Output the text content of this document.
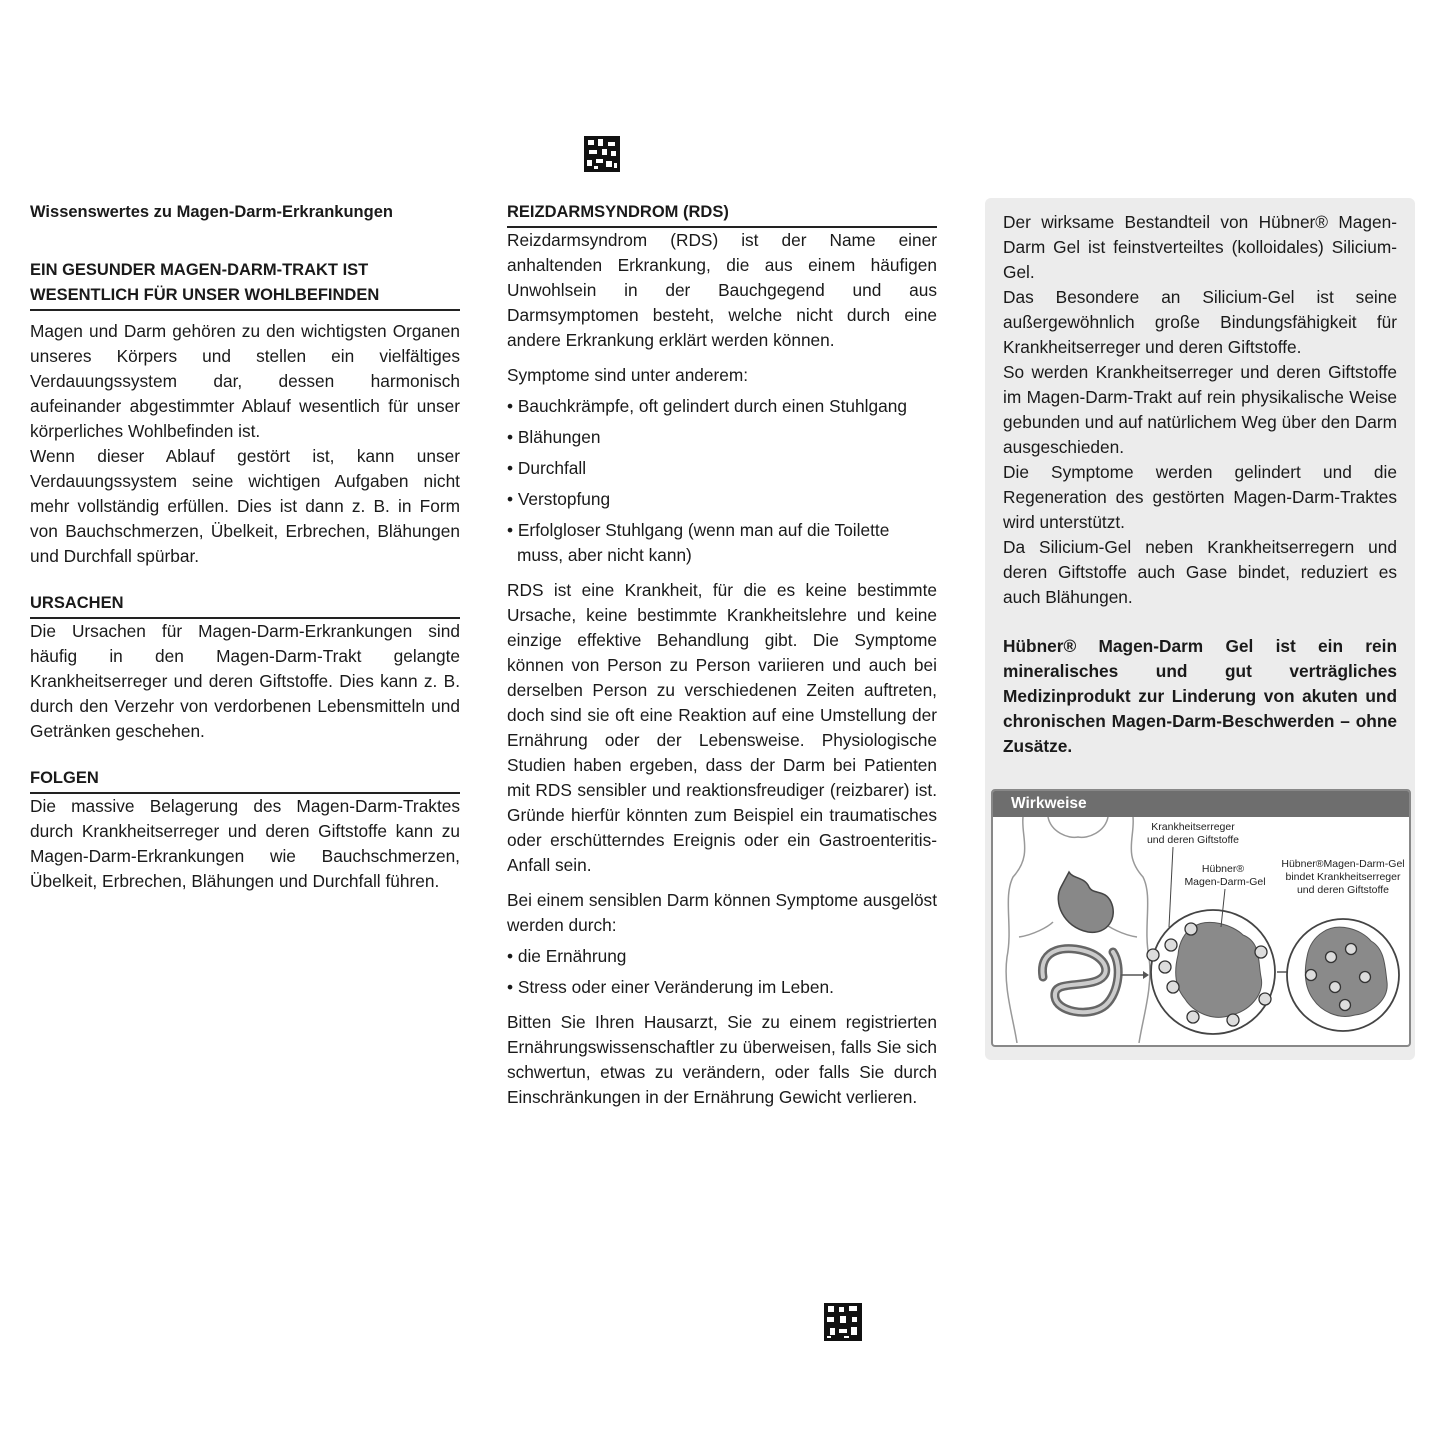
Wissenswertes zu Magen-Darm-Erkrankungen

EIN GESUNDER MAGEN-DARM-TRAKT IST
WESENTLICH FÜR UNSER WOHLBEFINDEN

Magen und Darm gehören zu den wichtigsten Organen unseres Körpers und stellen ein vielfältiges Verdauungssystem dar, dessen harmonisch aufeinander abgestimmter Ablauf wesentlich für unser körperliches Wohlbefinden ist.

Wenn dieser Ablauf gestört ist, kann unser Verdauungssystem seine wichtigen Aufgaben nicht mehr vollständig erfüllen. Dies ist dann z. B. in Form von Bauchschmerzen, Übelkeit, Erbrechen, Blähungen und Durchfall spürbar.

URSACHEN

Die Ursachen für Magen-Darm-Erkrankungen sind häufig in den Magen-Darm-Trakt gelangte Krankheitserreger und deren Giftstoffe. Dies kann z. B. durch den Verzehr von verdorbenen Lebensmitteln und Getränken geschehen.

FOLGEN

Die massive Belagerung des Magen-Darm-Traktes durch Krankheitserreger und deren Giftstoffe kann zu Magen-Darm-Erkrankungen wie Bauchschmerzen, Übelkeit, Erbrechen, Blähungen und Durchfall führen.

REIZDARMSYNDROM (RDS)

Reizdarmsyndrom (RDS) ist der Name einer anhaltenden Erkrankung, die aus einem häufigen Unwohlsein in der Bauchgegend und aus Darmsymptomen besteht, welche nicht durch eine andere Erkrankung erklärt werden können.

Symptome sind unter anderem:

• Bauchkrämpfe, oft gelindert durch einen Stuhlgang
• Blähungen
• Durchfall
• Verstopfung
• Erfolgloser Stuhlgang (wenn man auf die Toilette muss, aber nicht kann)

RDS ist eine Krankheit, für die es keine bestimmte Ursache, keine bestimmte Krankheitslehre und keine einzige effektive Behandlung gibt. Die Symptome können von Person zu Person variieren und auch bei derselben Person zu verschiedenen Zeiten auftreten, doch sind sie oft eine Reaktion auf eine Umstellung der Ernährung oder der Lebensweise. Physiologische Studien haben ergeben, dass der Darm bei Patienten mit RDS sensibler und reaktionsfreudiger (reizbarer) ist. Gründe hierfür könnten zum Beispiel ein traumatisches oder erschütterndes Ereignis oder ein Gastroenteritis-Anfall sein.

Bei einem sensiblen Darm können Symptome ausgelöst werden durch:

• die Ernährung
• Stress oder einer Veränderung im Leben.

Bitten Sie Ihren Hausarzt, Sie zu einem registrierten Ernährungswissenschaftler zu überweisen, falls Sie sich schwertun, etwas zu verändern, oder falls Sie durch Einschränkungen in der Ernährung Gewicht verlieren.

Der wirksame Bestandteil von Hübner® Magen-Darm Gel ist feinstverteiltes (kolloidales) Silicium-Gel.

Das Besondere an Silicium-Gel ist seine außergewöhnlich große Bindungsfähigkeit für Krankheitserreger und deren Giftstoffe.

So werden Krankheitserreger und deren Giftstoffe im Magen-Darm-Trakt auf rein physikalische Weise gebunden und auf natürlichem Weg über den Darm ausgeschieden.

Die Symptome werden gelindert und die Regeneration des gestörten Magen-Darm-Traktes wird unterstützt.

Da Silicium-Gel neben Krankheitserregern und deren Giftstoffe auch Gase bindet, reduziert es auch Blähungen.

Hübner® Magen-Darm Gel ist ein rein mineralisches und gut verträgliches Medizinprodukt zur Linderung von akuten und chronischen Magen-Darm-Beschwerden – ohne Zusätze.

Wirkweise
Krankheitserreger
und deren Giftstoffe
Hübner®
Magen-Darm-Gel
Hübner®Magen-Darm-Gel
bindet Krankheitserreger
und deren Giftstoffe
